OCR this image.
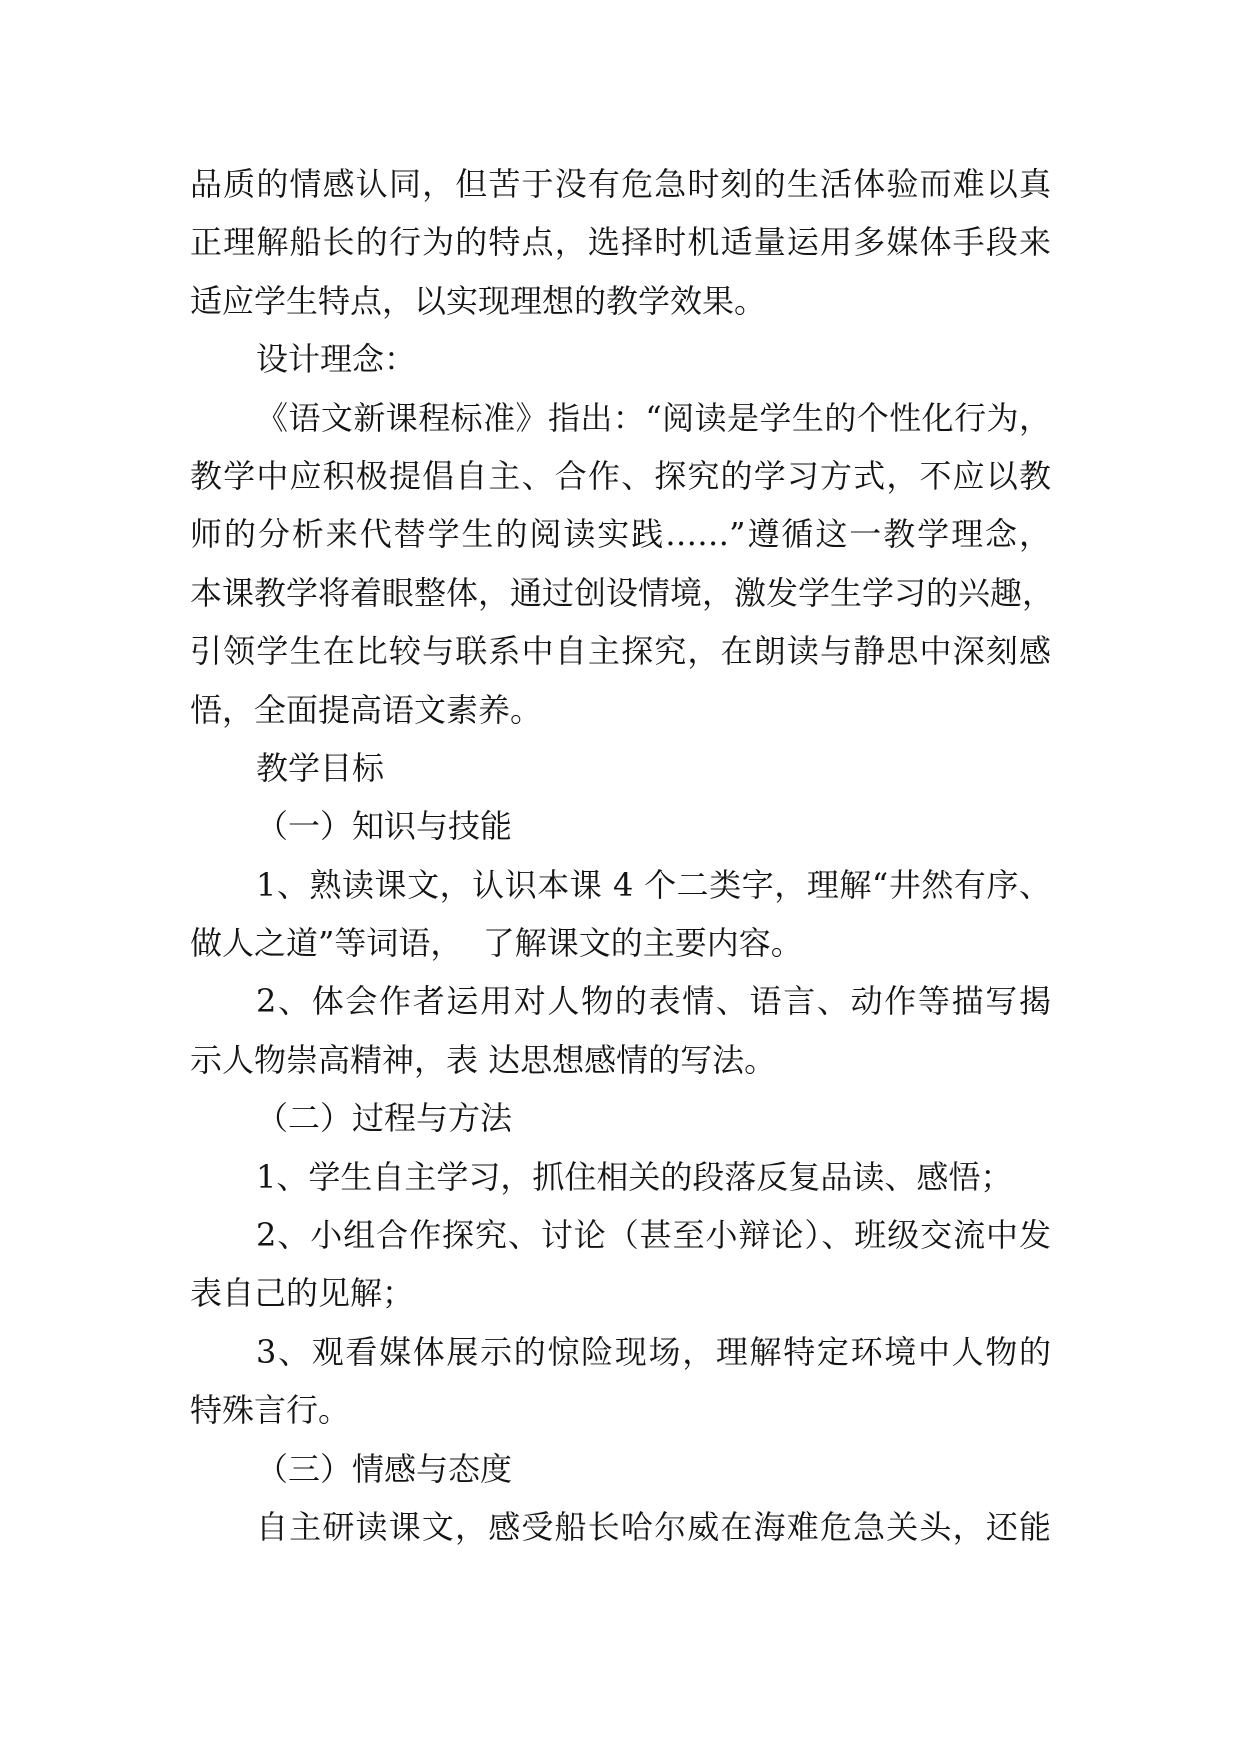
品质的情感认同，但苦于没有危急时刻的生活体验而难以真
正理解船长的行为的特点，选择时机适量运用多媒体手段来
适应学生特点，以实现理想的教学效果。
设计理念：
《语文新课程标准》指出：“阅读是学生的个性化行为，
教学中应积极提倡自主、合作、探究的学习方式，不应以教
师的分析来代替学生的阅读实践……”遵循这一教学理念，
本课教学将着眼整体，通过创设情境，激发学生学习的兴趣，
引领学生在比较与联系中自主探究，在朗读与静思中深刻感
悟，全面提高语文素养。
教学目标
（一）知识与技能
1、熟读课文，认识本课 4 个二类字，理解“井然有序、
做人之道”等词语，  了解课文的主要内容。
2、体会作者运用对人物的表情、语言、动作等描写揭
示人物崇高精神，表 达思想感情的写法。
（二）过程与方法
1、学生自主学习，抓住相关的段落反复品读、感悟；
2、小组合作探究、讨论（甚至小辩论）、班级交流中发
表自己的见解；
3、观看媒体展示的惊险现场，理解特定环境中人物的
特殊言行。
（三）情感与态度
自主研读课文，感受船长哈尔威在海难危急关头，还能
